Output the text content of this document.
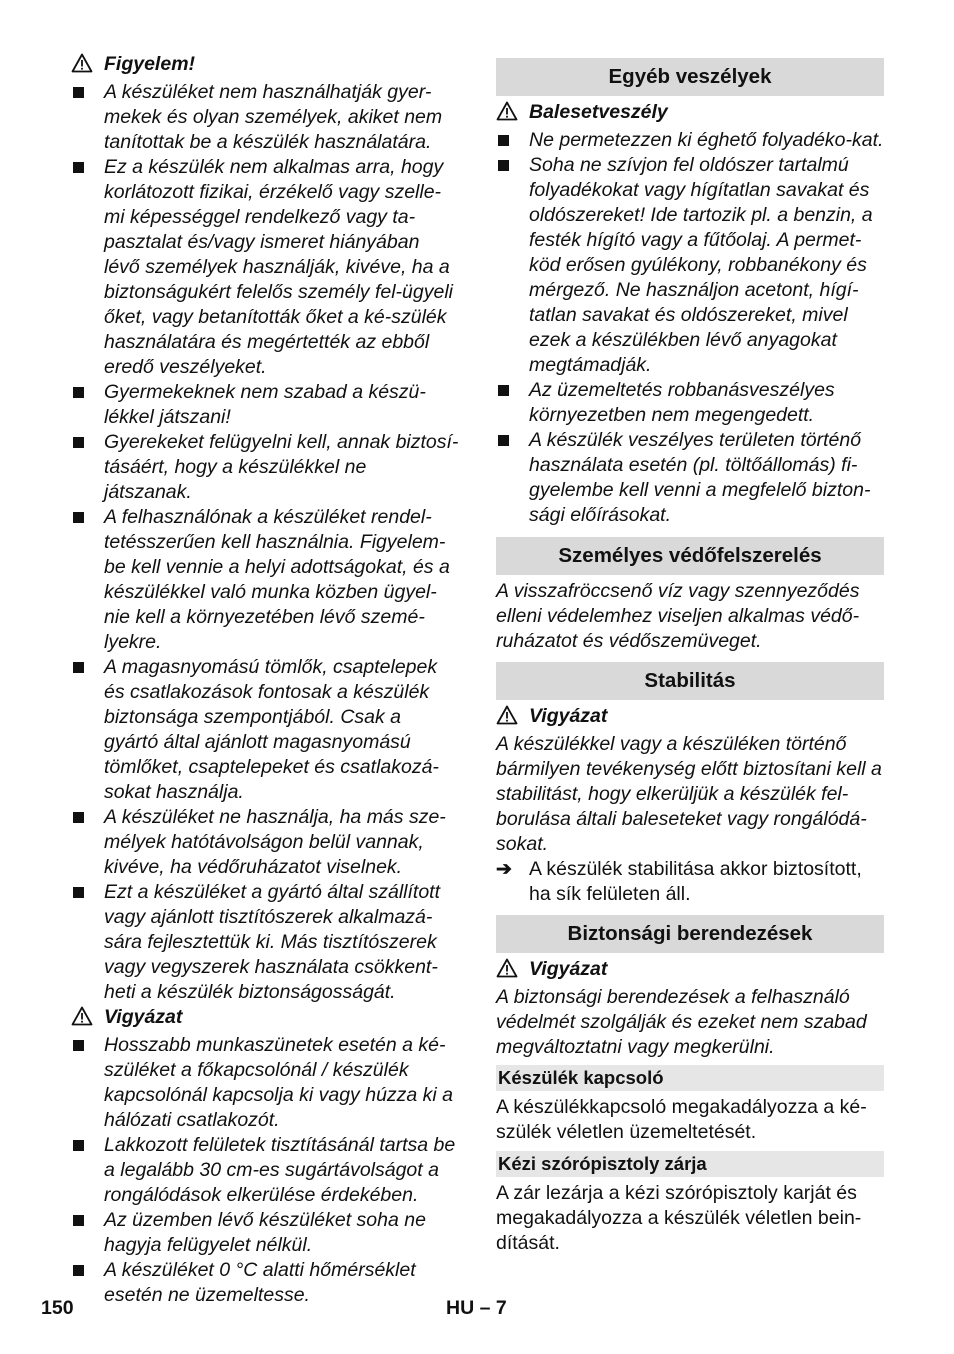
Figyelem!
A készüléket nem használhatják gyer-mekek és olyan személyek, akiket nem tanítottak be a készülék használatára.
Ez a készülék nem alkalmas arra, hogy korlátozott fizikai, érzékelő vagy szelle-mi képességgel rendelkező vagy ta-pasztalat és/vagy ismeret hiányában lévő személyek használják, kivéve, ha a biztonságukért felelős személy fel-ügyeli őket, vagy betanították őket a ké-szülék használatára és megértették az ebből eredő veszélyeket.
Gyermekeknek nem szabad a készü-lékkel játszani!
Gyerekeket felügyelni kell, annak biztosí-tásáért, hogy a készülékkel ne játszanak.
A felhasználónak a készüléket rendel-tetésszerűen kell használnia. Figyelem-be kell vennie a helyi adottságokat, és a készülékkel való munka közben ügyel-nie kell a környezetében lévő szemé-lyekre.
A magasnyomású tömlők, csaptelepek és csatlakozások fontosak a készülék biztonsága szempontjából. Csak a gyártó által ajánlott magasnyomású tömlőket, csaptelepeket és csatlakozá-sokat használja.
A készüléket ne használja, ha más sze-mélyek hatótávolságon belül vannak, kivéve, ha védőruházatot viselnek.
Ezt a készüléket a gyártó által szállított vagy ajánlott tisztítószerek alkalmazá-sára fejlesztettük ki. Más tisztítószerek vagy vegyszerek használata csökkent-heti a készülék biztonságosságát.
Vigyázat
Hosszabb munkaszünetek esetén a ké-szüléket a főkapcsolónál / készülék kapcsolónál kapcsolja ki vagy húzza ki a hálózati csatlakozót.
Lakkozott felületek tisztításánál tartsa be a legalább 30 cm-es sugártávolságot a rongálódások elkerülése érdekében.
Az üzemben lévő készüléket soha ne hagyja felügyelet nélkül.
A készüléket 0 °C alatti hőmérséklet esetén ne üzemeltesse.
Egyéb veszélyek
Balesetveszély
Ne permetezzen ki éghető folyadéko-kat.
Soha ne szívjon fel oldószer tartalmú folyadékokat vagy hígítatlan savakat és oldószereket! Ide tartozik pl. a benzin, a festék hígító vagy a fűtőolaj. A permet-köd erősen gyúlékony, robbanékony és mérgező. Ne használjon acetont, hígí-tatlan savakat és oldószereket, mivel ezek a készülékben lévő anyagokat megtámadják.
Az üzemeltetés robbanásveszélyes környezetben nem megengedett.
A készülék veszélyes területen történő használata esetén (pl. töltőállomás) fi-gyelembe kell venni a megfelelő bizton-sági előírásokat.
Személyes védőfelszerelés
A visszafröccsenő víz vagy szennyeződés elleni védelemhez viseljen alkalmas védő-ruházatot és védőszemüveget.
Stabilitás
Vigyázat
A készülékkel vagy a készüléken történő bármilyen tevékenység előtt biztosítani kell a stabilitást, hogy elkerüljük a készülék fel-borulása általi baleseteket vagy rongálódá-sokat.
➔ A készülék stabilitása akkor biztosított, ha sík felületen áll.
Biztonsági berendezések
Vigyázat
A biztonsági berendezések a felhasználó védelmét szolgálják és ezeket nem szabad megváltoztatni vagy megkerülni.
Készülék kapcsoló
A készülékkapcsoló megakadályozza a ké-szülék véletlen üzemeltetését.
Kézi szórópisztoly zárja
A zár lezárja a kézi szórópisztoly karját és megakadályozza a készülék véletlen bein-dítását.
150	HU – 7
